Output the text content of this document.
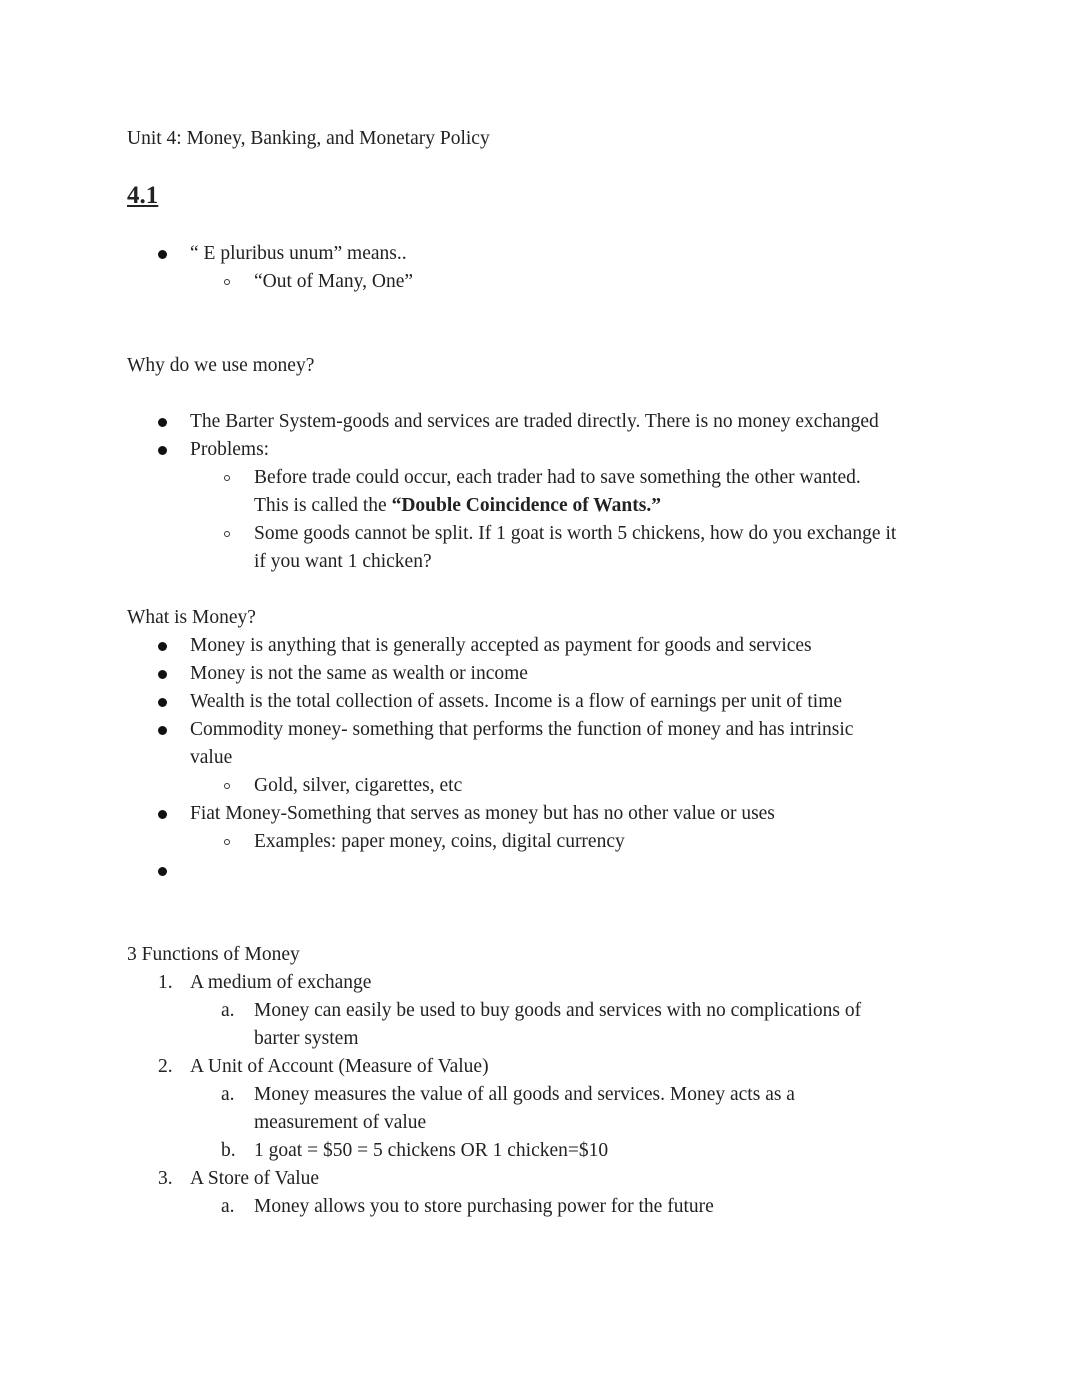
Unit 4: Money, Banking, and Monetary Policy
4.1
“ E pluribus unum” means..
“Out of Many, One”
Why do we use money?
The Barter System-goods and services are traded directly. There is no money exchanged
Problems:
Before trade could occur, each trader had to save something the other wanted.
This is called the “Double Coincidence of Wants.”
Some goods cannot be split. If 1 goat is worth 5 chickens, how do you exchange it
if you want 1 chicken?
What is Money?
Money is anything that is generally accepted as payment for goods and services
Money is not the same as wealth or income
Wealth is the total collection of assets. Income is a flow of earnings per unit of time
Commodity money- something that performs the function of money and has intrinsic
value
Gold, silver, cigarettes, etc
Fiat Money-Something that serves as money but has no other value or uses
Examples: paper money, coins, digital currency
3 Functions of Money
1. A medium of exchange
a. Money can easily be used to buy goods and services with no complications of
barter system
2. A Unit of Account (Measure of Value)
a. Money measures the value of all goods and services. Money acts as a
measurement of value
b. 1 goat = $50 = 5 chickens OR 1 chicken=$10
3. A Store of Value
a. Money allows you to store purchasing power for the future
